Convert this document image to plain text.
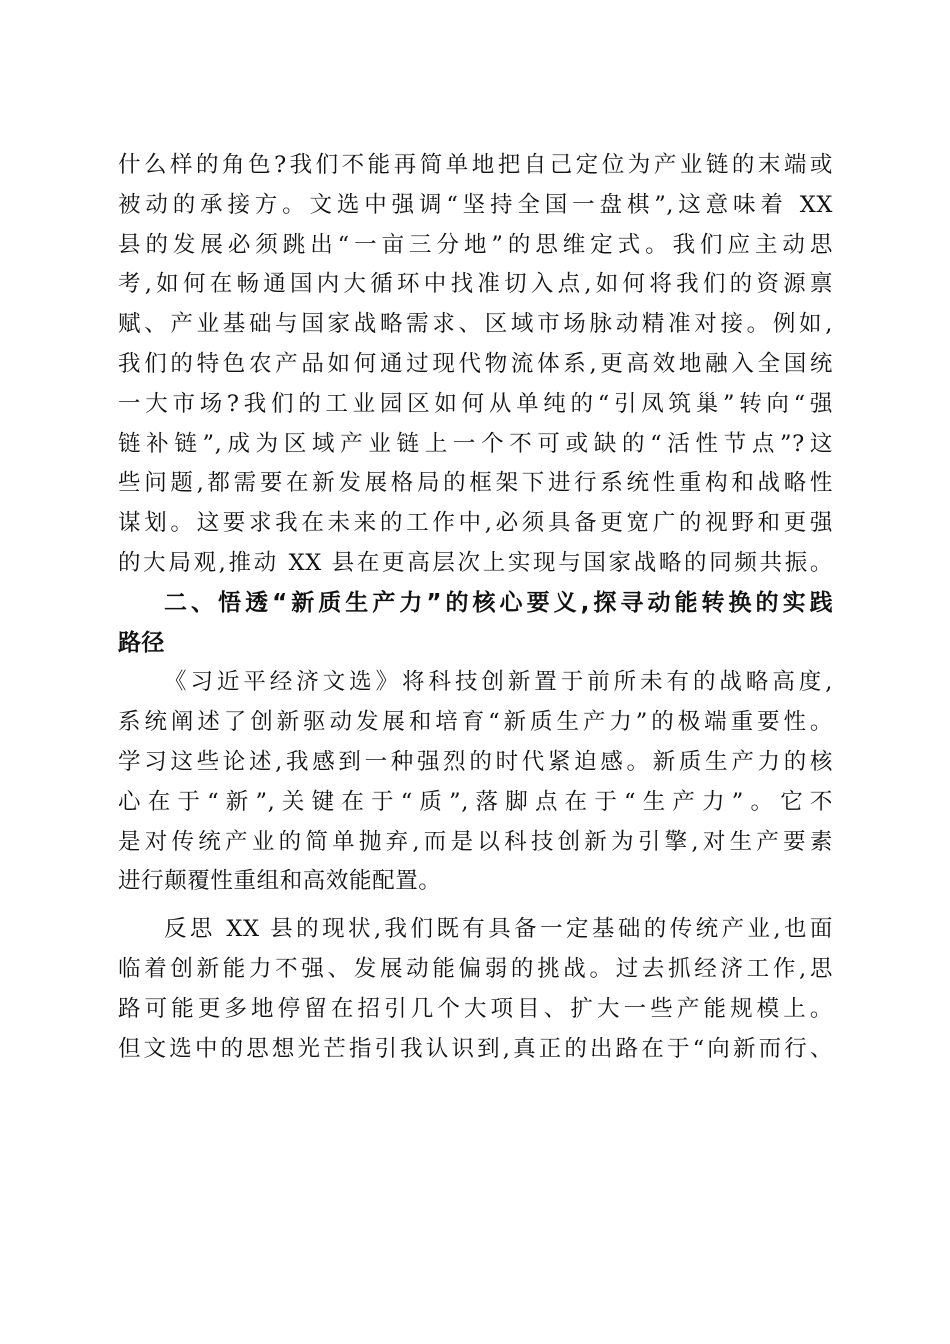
什么样的角色?我们不能再简单地把自己定位为产业链的末端或
被动的承接方。文选中强调“坚持全国一盘棋”,这意味着 XX
县的发展必须跳出“一亩三分地”的思维定式。我们应主动思
考,如何在畅通国内大循环中找准切入点,如何将我们的资源禀
赋、产业基础与国家战略需求、区域市场脉动精准对接。例如,
我们的特色农产品如何通过现代物流体系,更高效地融入全国统
一大市场?我们的工业园区如何从单纯的“引凤筑巢”转向“强
链补链”,成为区域产业链上一个不可或缺的“活性节点”?这
些问题,都需要在新发展格局的框架下进行系统性重构和战略性
谋划。这要求我在未来的工作中,必须具备更宽广的视野和更强
的大局观,推动 XX 县在更高层次上实现与国家战略的同频共振。
二、悟透“新质生产力”的核心要义,探寻动能转换的实践
路径
《习近平经济文选》将科技创新置于前所未有的战略高度,
系统阐述了创新驱动发展和培育“新质生产力”的极端重要性。
学习这些论述,我感到一种强烈的时代紧迫感。新质生产力的核
心在于“新”,关键在于“质”,落脚点在于“生产力”。它不
是对传统产业的简单抛弃,而是以科技创新为引擎,对生产要素
进行颠覆性重组和高效能配置。
反思 XX 县的现状,我们既有具备一定基础的传统产业,也面
临着创新能力不强、发展动能偏弱的挑战。过去抓经济工作,思
路可能更多地停留在招引几个大项目、扩大一些产能规模上。
但文选中的思想光芒指引我认识到,真正的出路在于“向新而行、
